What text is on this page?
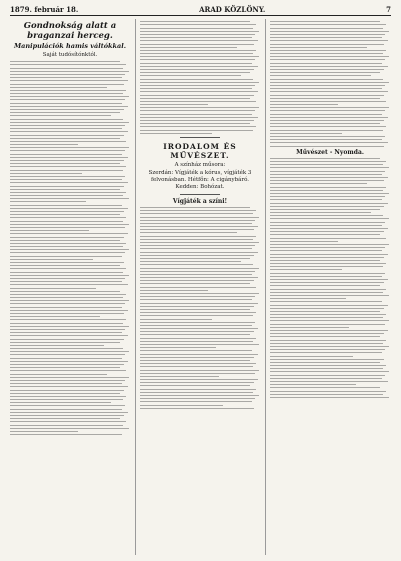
1879. február 18.	ARAD KÖZLÖNY.	7
Gondnokság alatt a braganzai herceg.
Manipulációk hamis váltókkal.
Saját tudósítónktól.
IRODALOM ÉS MŰVÉSZET.
A színház műsora:
Szerdán: Vígjáték a kórus, vígjáték 3 felvonásban. Hétfőn: A cigánybáró. Kedden: Bohózat.
Vígjáték a színi!
Művészet - Nyomda.
